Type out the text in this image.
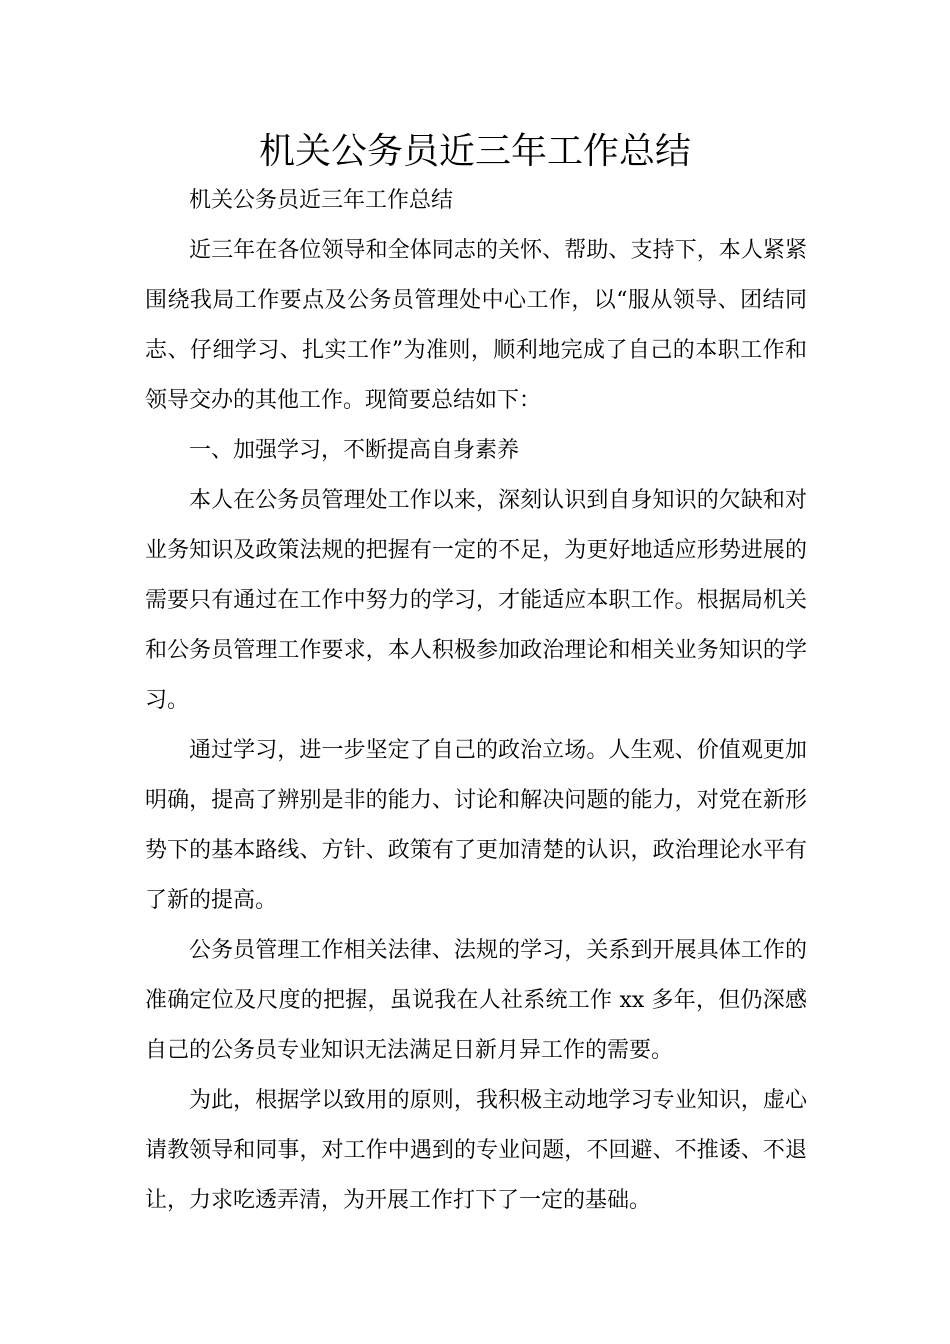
机关公务员近三年工作总结

机关公务员近三年工作总结

近三年在各位领导和全体同志的关怀、帮助、支持下，本人紧紧围绕我局工作要点及公务员管理处中心工作，以“服从领导、团结同志、仔细学习、扎实工作”为准则，顺利地完成了自己的本职工作和领导交办的其他工作。现简要总结如下：

一、加强学习，不断提高自身素养

本人在公务员管理处工作以来，深刻认识到自身知识的欠缺和对业务知识及政策法规的把握有一定的不足，为更好地适应形势进展的需要只有通过在工作中努力的学习，才能适应本职工作。根据局机关和公务员管理工作要求，本人积极参加政治理论和相关业务知识的学习。

通过学习，进一步坚定了自己的政治立场。人生观、价值观更加明确，提高了辨别是非的能力、讨论和解决问题的能力，对党在新形势下的基本路线、方针、政策有了更加清楚的认识，政治理论水平有了新的提高。

公务员管理工作相关法律、法规的学习，关系到开展具体工作的准确定位及尺度的把握，虽说我在人社系统工作 xx 多年，但仍深感自己的公务员专业知识无法满足日新月异工作的需要。

为此，根据学以致用的原则，我积极主动地学习专业知识，虚心请教领导和同事，对工作中遇到的专业问题，不回避、不推诿、不退让，力求吃透弄清，为开展工作打下了一定的基础。
